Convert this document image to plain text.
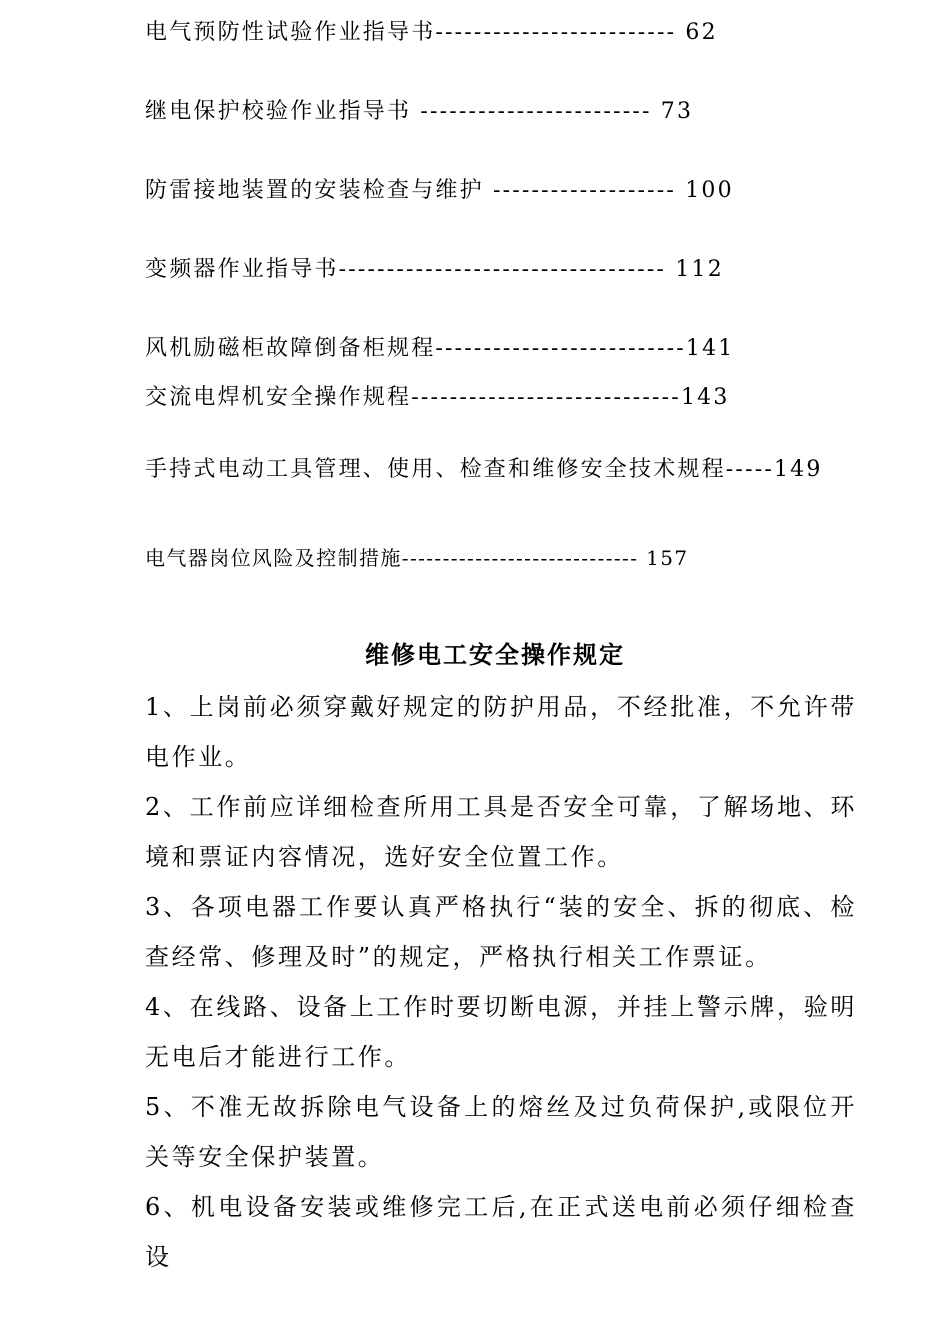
电气预防性试验作业指导书------------------------- 62
继电保护校验作业指导书 ------------------------ 73
防雷接地装置的安装检查与维护 ------------------- 100
变频器作业指导书---------------------------------- 112
风机励磁柜故障倒备柜规程--------------------------141
交流电焊机安全操作规程----------------------------143
手持式电动工具管理、使用、检查和维修安全技术规程-----149
电气器岗位风险及控制措施----------------------------- 157
维修电工安全操作规定

1、上岗前必须穿戴好规定的防护用品，不经批准，不允许带电作业。

2、工作前应详细检查所用工具是否安全可靠，了解场地、环境和票证内容情况，选好安全位置工作。

3、各项电器工作要认真严格执行“装的安全、拆的彻底、检查经常、修理及时”的规定，严格执行相关工作票证。

4、在线路、设备上工作时要切断电源，并挂上警示牌，验明无电后才能进行工作。

5、不准无故拆除电气设备上的熔丝及过负荷保护,或限位开关等安全保护装置。

6、机电设备安装或维修完工后,在正式送电前必须仔细检查设
